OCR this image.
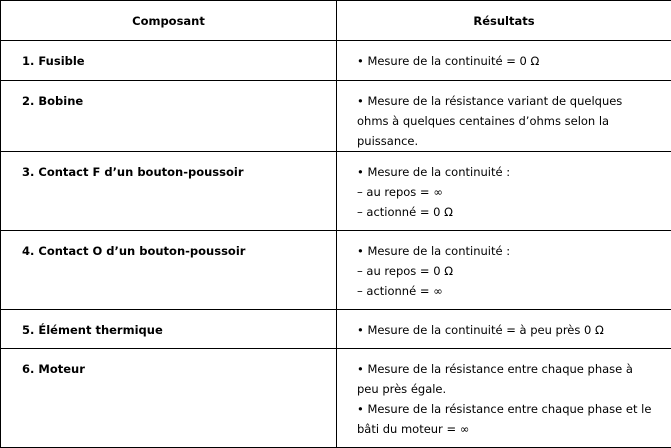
Composant	Résultats
1. Fusible	• Mesure de la continuité = 0 Ω

2. Bobine	• Mesure de la résistance variant de quelques ohms à quelques centaines d’ohms selon la puissance.

3. Contact F d’un bouton-poussoir	• Mesure de la continuité :
– au repos = ∞
– actionné = 0 Ω

4. Contact O d’un bouton-poussoir	• Mesure de la continuité :
– au repos = 0 Ω
– actionné = ∞

5. Élément thermique	• Mesure de la continuité = à peu près 0 Ω

6. Moteur	• Mesure de la résistance entre chaque phase à peu près égale.
• Mesure de la résistance entre chaque phase et le bâti du moteur = ∞
